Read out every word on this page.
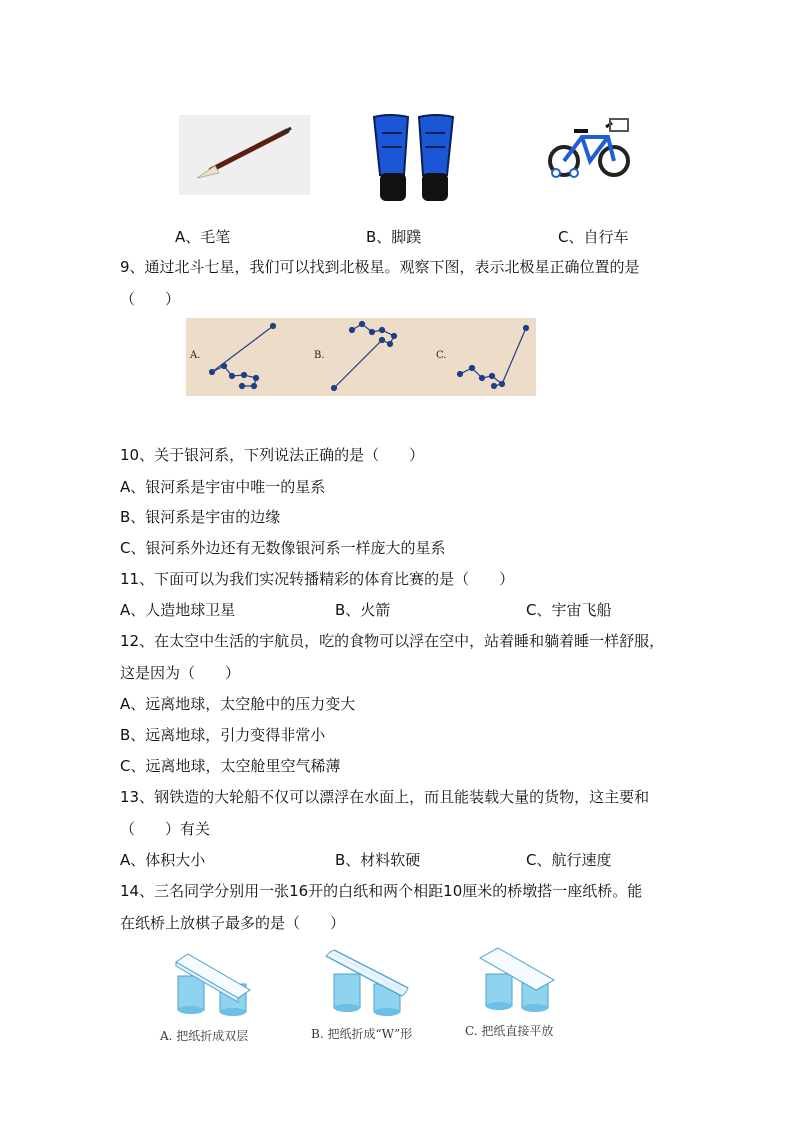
A、毛笔	B、脚蹼	C、自行车
9、通过北斗七星，我们可以找到北极星。观察下图，表示北极星正确位置的是
（　　）
A.	B.	C.
10、关于银河系，下列说法正确的是（　　）
A、银河系是宇宙中唯一的星系
B、银河系是宇宙的边缘
C、银河系外边还有无数像银河系一样庞大的星系
11、下面可以为我们实况转播精彩的体育比赛的是（　　）
A、人造地球卫星	B、火箭	C、宇宙飞船
12、在太空中生活的宇航员，吃的食物可以浮在空中，站着睡和躺着睡一样舒服，
这是因为（　　）
A、远离地球，太空舱中的压力变大
B、远离地球，引力变得非常小
C、远离地球，太空舱里空气稀薄
13、钢铁造的大轮船不仅可以漂浮在水面上，而且能装载大量的货物，这主要和
（　　）有关
A、体积大小	B、材料软硬	C、航行速度
14、三名同学分别用一张16开的白纸和两个相距10厘米的桥墩搭一座纸桥。能
在纸桥上放棋子最多的是（　　）
A. 把纸折成双层	B. 把纸折成“W”形	C. 把纸直接平放
